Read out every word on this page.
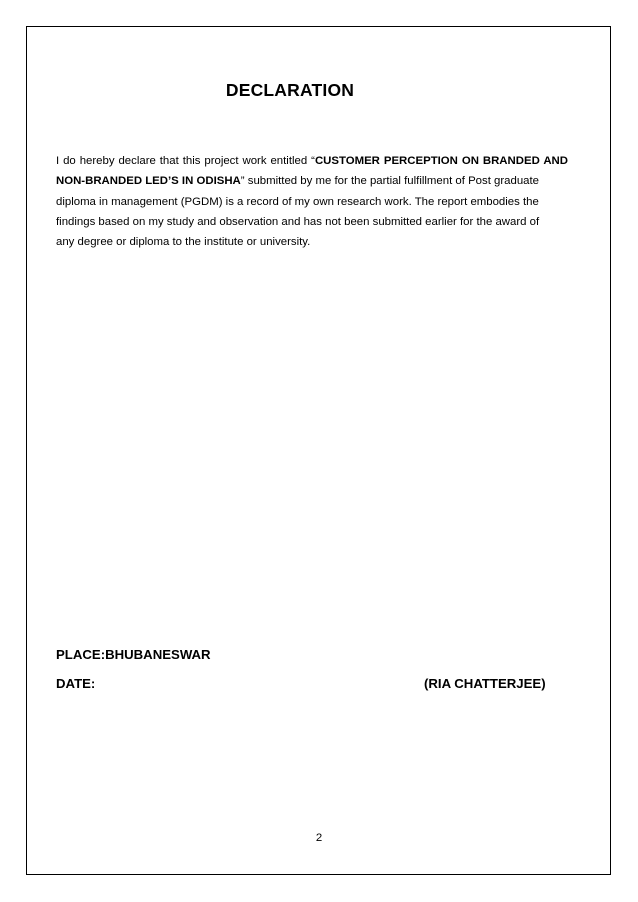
DECLARATION
I do hereby declare that this project work entitled “CUSTOMER PERCEPTION ON BRANDED AND
NON-BRANDED LED’S IN ODISHA” submitted by me for the partial fulfillment of Post graduate
diploma in management (PGDM) is a record of my own research work. The report embodies the
findings based on my study and observation and has not been submitted earlier for the award of
any degree or diploma to the institute or university.
PLACE:BHUBANESWAR
DATE:	(RIA CHATTERJEE)
2
